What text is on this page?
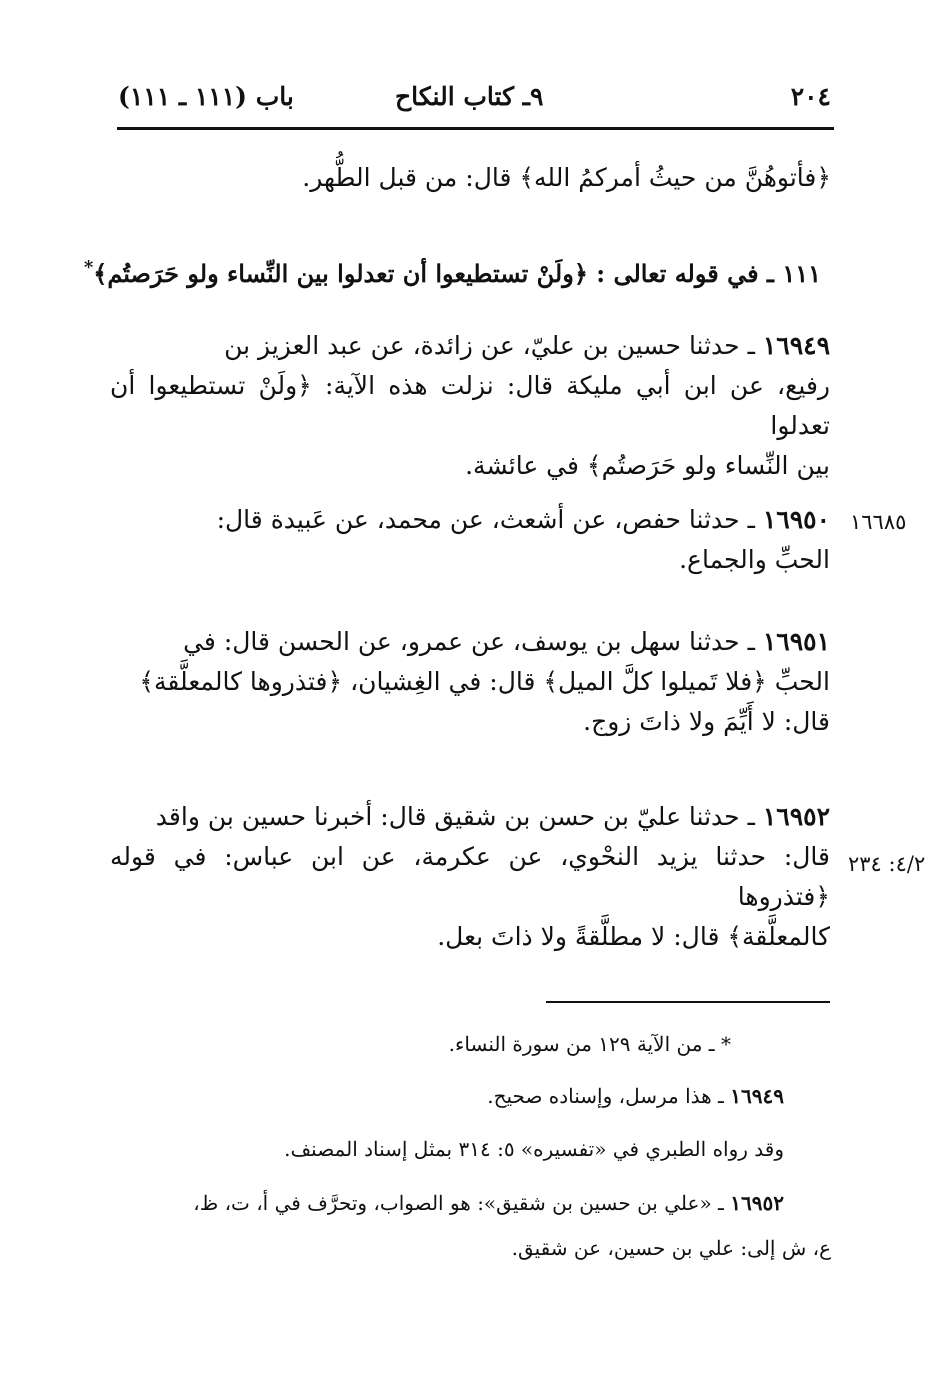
٢٠٤
٩ـ كتاب النكاح
باب (١١١ ـ ١١١)
﴿فأتوهُنَّ من حيثُ أمركمُ الله﴾ قال: من قبل الطُّهر.
١١١ ـ في قوله تعالى : ﴿ولَنْ تستطيعوا أن تعدلوا بين النِّساء ولو حَرَصتُم﴾*
١٦٩٤٩ ـ حدثنا حسين بن عليّ، عن زائدة، عن عبد العزيز بن
رفيع، عن ابن أبي مليكة قال: نزلت هذه الآية: ﴿ولَنْ تستطيعوا أن تعدلوا
بين النِّساء ولو حَرَصتُم﴾ في عائشة.
١٦٦٨٥
١٦٩٥٠ ـ حدثنا حفص، عن أشعث، عن محمد، عن عَبيدة قال:
الحبِّ والجماع.
١٦٩٥١ ـ حدثنا سهل بن يوسف، عن عمرو، عن الحسن قال: في
الحبِّ ﴿فلا تَميلوا كلَّ الميل﴾ قال: في الغِشيان، ﴿فتذروها كالمعلَّقة﴾
قال: لا أَيِّمَ ولا ذاتَ زوج.
٤/٢: ٢٣٤
١٦٩٥٢ ـ حدثنا عليّ بن حسن بن شقيق قال: أخبرنا حسين بن واقد
قال: حدثنا يزيد النحْوي، عن عكرمة، عن ابن عباس: في قوله ﴿فتذروها
كالمعلَّقة﴾ قال: لا مطلَّقةً ولا ذاتَ بعل.
* ـ من الآية ١٢٩ من سورة النساء.
١٦٩٤٩ ـ هذا مرسل، وإسناده صحيح.
وقد رواه الطبري في «تفسيره» ٥: ٣١٤ بمثل إسناد المصنف.
١٦٩٥٢ ـ «علي بن حسين بن شقيق»: هو الصواب، وتحرَّف في أ، ت، ظ،
ع، ش إلى: علي بن حسين، عن شقيق.
